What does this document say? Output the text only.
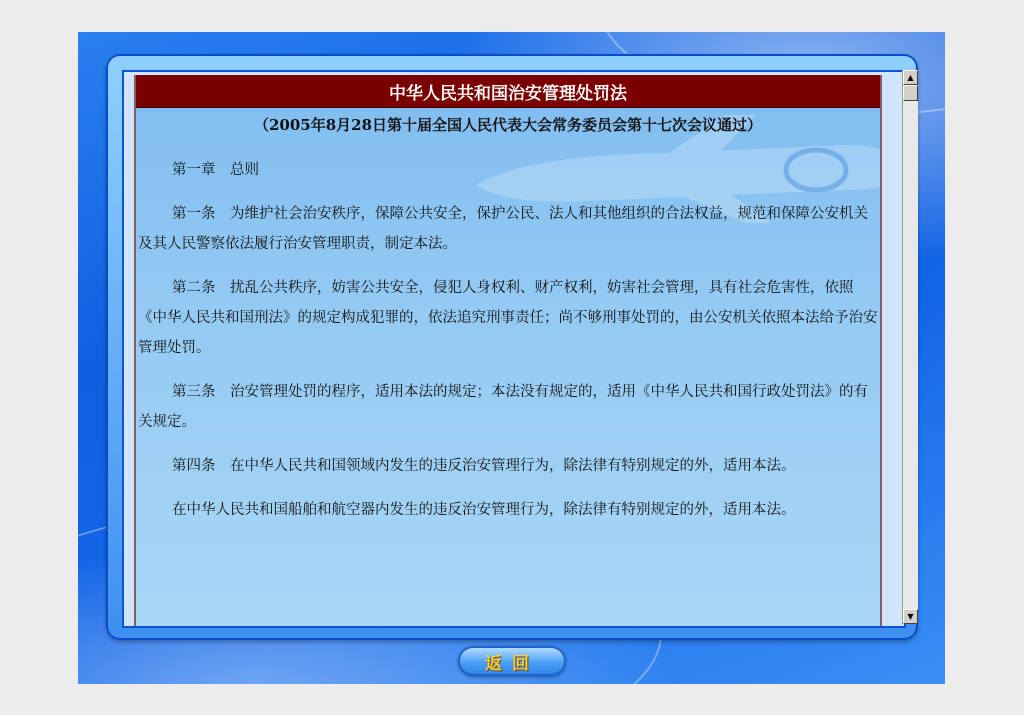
中华人民共和国治安管理处罚法
（2005年8月28日第十届全国人民代表大会常务委员会第十七次会议通过）

第一章　总则

第一条　 为维护社会治安秩序，保障公共安全，保护公民、法人和其他组织的合法权益，规范和保障公安机关及其人民警察依法履行治安管理职责，制定本法。

第二条　 扰乱公共秩序，妨害公共安全，侵犯人身权利、财产权利，妨害社会管理，具有社会危害性，依照《中华人民共和国刑法》的规定构成犯罪的，依法追究刑事责任；尚不够刑事处罚的，由公安机关依照本法给予治安管理处罚。

第三条　 治安管理处罚的程序，适用本法的规定；本法没有规定的，适用《中华人民共和国行政处罚法》的有关规定。

第四条　 在中华人民共和国领域内发生的违反治安管理行为，除法律有特别规定的外，适用本法。

在中华人民共和国船舶和航空器内发生的违反治安管理行为，除法律有特别规定的外，适用本法。

▲
▼
返回
